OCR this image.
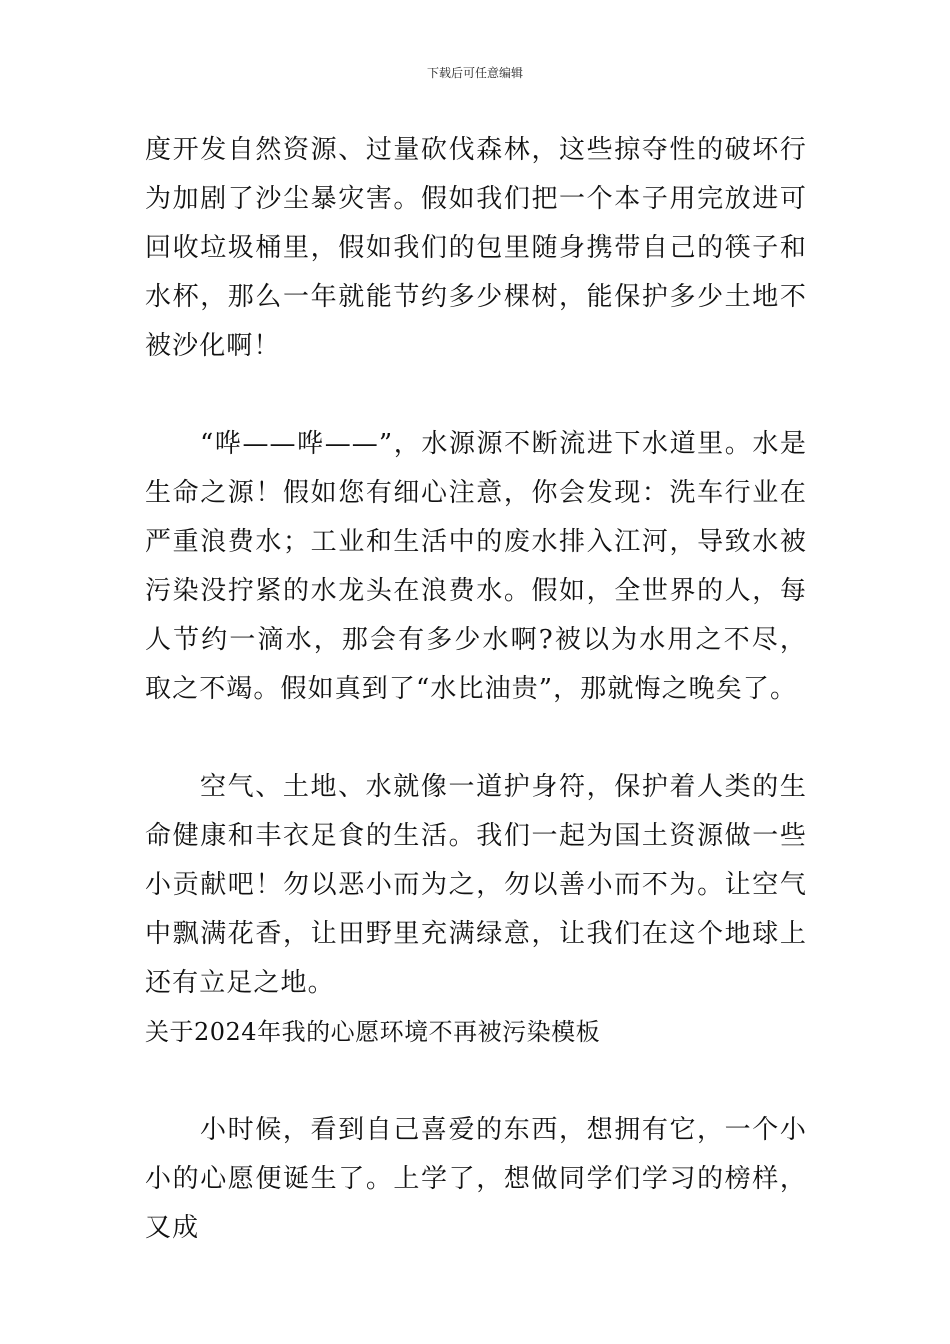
下载后可任意编辑

度开发自然资源、过量砍伐森林，这些掠夺性的破坏行为加剧了沙尘暴灾害。假如我们把一个本子用完放进可回收垃圾桶里，假如我们的包里随身携带自己的筷子和水杯，那么一年就能节约多少棵树，能保护多少土地不被沙化啊！

“哗——哗——”，水源源不断流进下水道里。水是生命之源！假如您有细心注意，你会发现：洗车行业在严重浪费水；工业和生活中的废水排入江河，导致水被污染没拧紧的水龙头在浪费水。假如，全世界的人，每人节约一滴水，那会有多少水啊?被以为水用之不尽，取之不竭。假如真到了“水比油贵”，那就悔之晚矣了。

空气、土地、水就像一道护身符，保护着人类的生命健康和丰衣足食的生活。我们一起为国土资源做一些小贡献吧！勿以恶小而为之，勿以善小而不为。让空气中飘满花香，让田野里充满绿意，让我们在这个地球上还有立足之地。

关于2024年我的心愿环境不再被污染模板

小时候，看到自己喜爱的东西，想拥有它，一个小小的心愿便诞生了。上学了，想做同学们学习的榜样，又成
